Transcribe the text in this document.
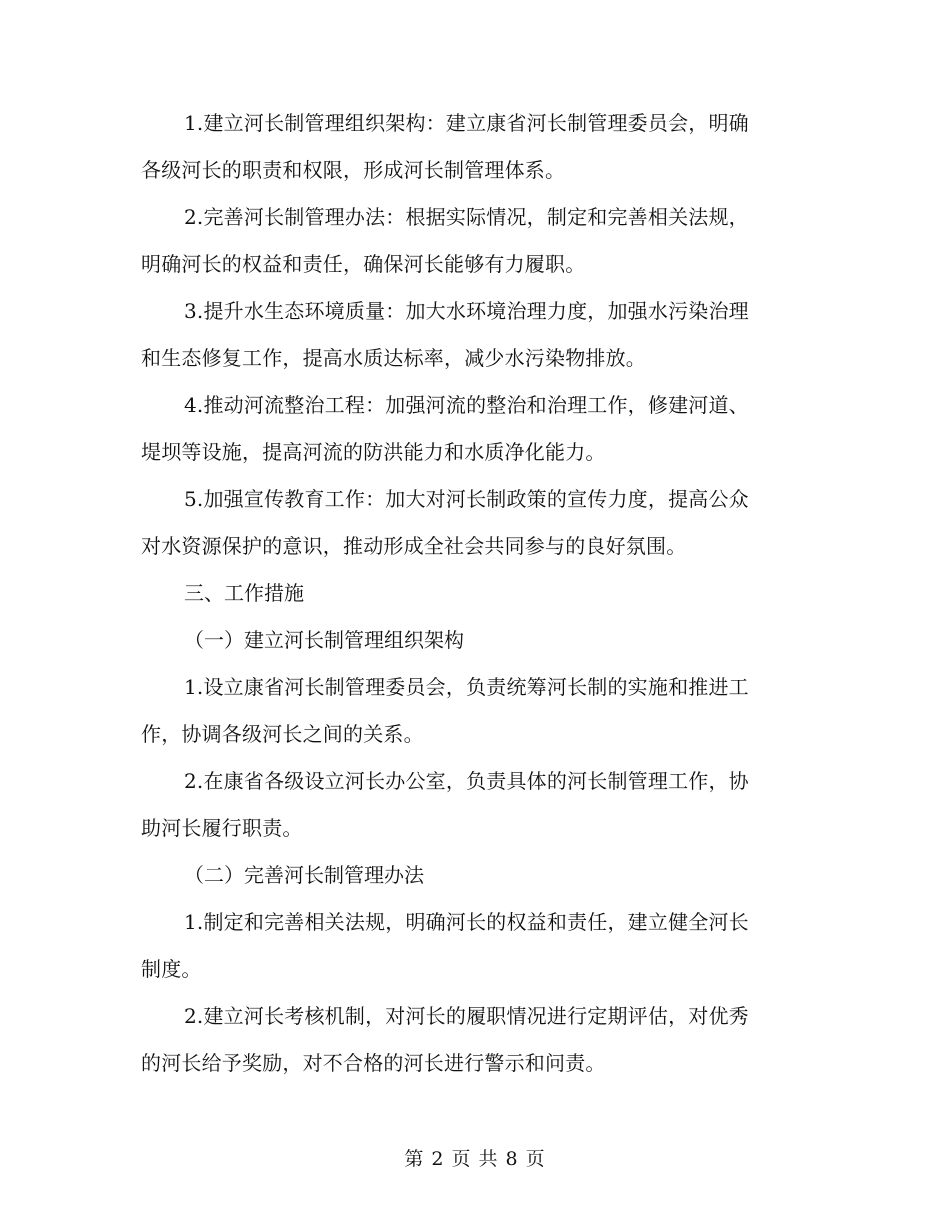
1.建立河长制管理组织架构：建立康省河长制管理委员会，明确
各级河长的职责和权限，形成河长制管理体系。

2.完善河长制管理办法：根据实际情况，制定和完善相关法规，
明确河长的权益和责任，确保河长能够有力履职。

3.提升水生态环境质量：加大水环境治理力度，加强水污染治理
和生态修复工作，提高水质达标率，减少水污染物排放。

4.推动河流整治工程：加强河流的整治和治理工作，修建河道、
堤坝等设施，提高河流的防洪能力和水质净化能力。

5.加强宣传教育工作：加大对河长制政策的宣传力度，提高公众
对水资源保护的意识，推动形成全社会共同参与的良好氛围。

三、工作措施

（一）建立河长制管理组织架构

1.设立康省河长制管理委员会，负责统筹河长制的实施和推进工
作，协调各级河长之间的关系。

2.在康省各级设立河长办公室，负责具体的河长制管理工作，协
助河长履行职责。

（二）完善河长制管理办法

1.制定和完善相关法规，明确河长的权益和责任，建立健全河长
制度。

2.建立河长考核机制，对河长的履职情况进行定期评估，对优秀
的河长给予奖励，对不合格的河长进行警示和问责。

第 2 页 共 8 页
